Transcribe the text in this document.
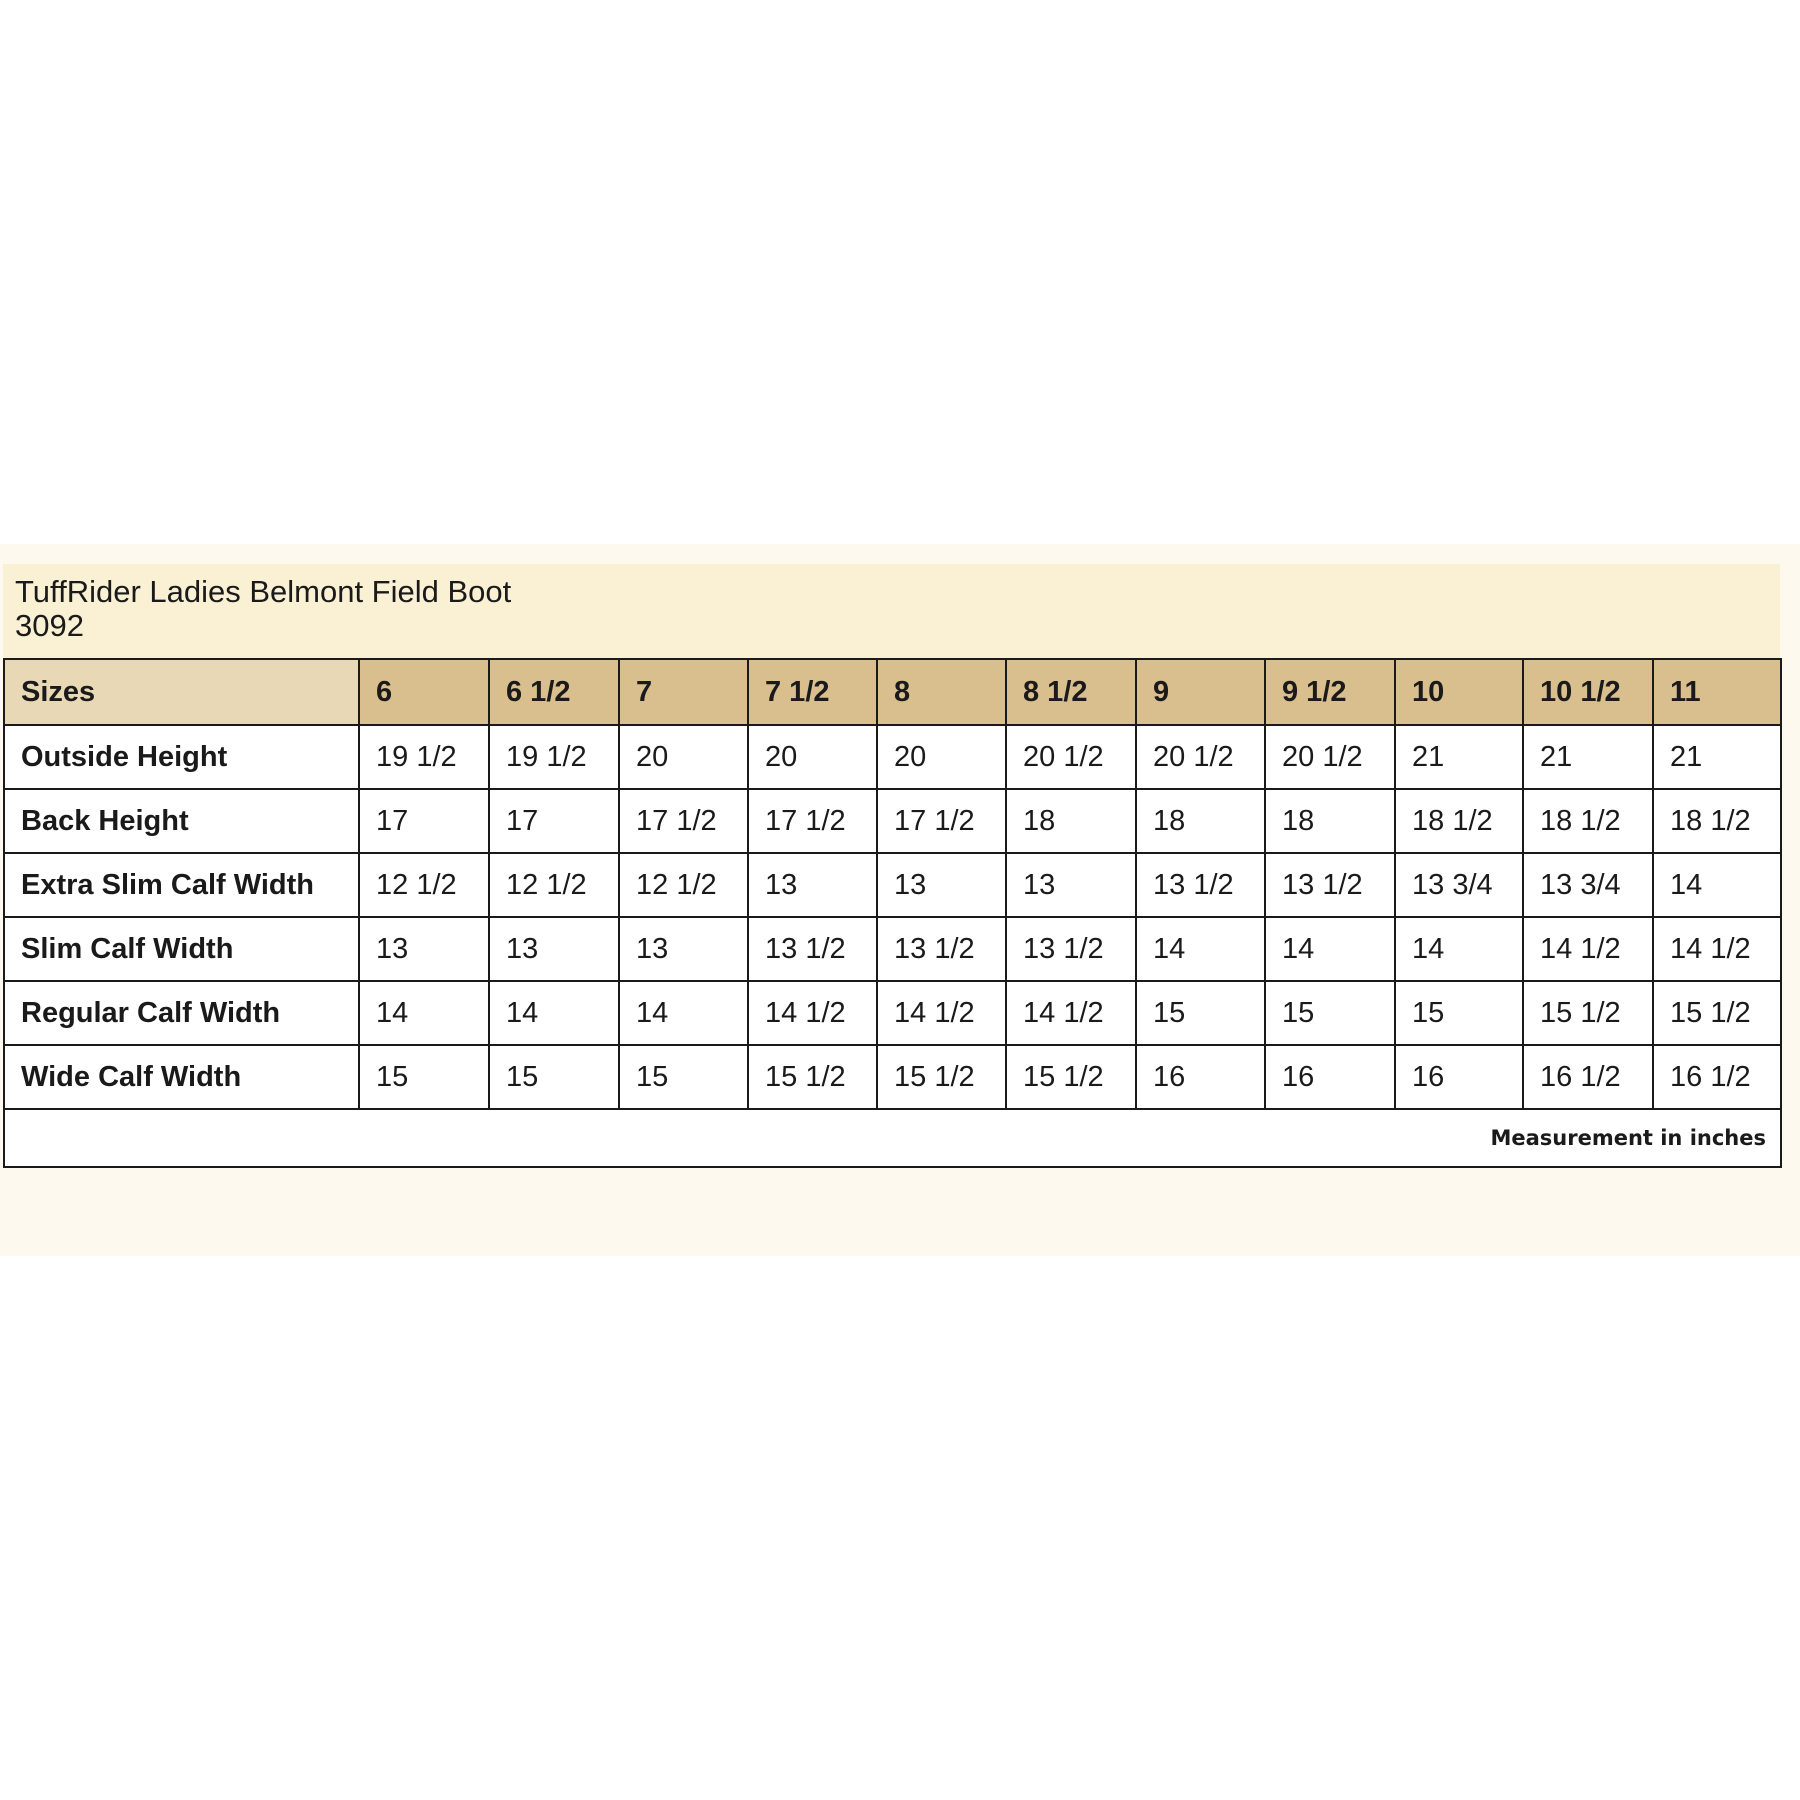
TuffRider Ladies Belmont Field Boot
3092
Sizes	6	6 1/2	7	7 1/2	8	8 1/2	9	9 1/2	10	10 1/2	11
Outside Height	19 1/2	19 1/2	20	20	20	20 1/2	20 1/2	20 1/2	21	21	21
Back Height	17	17	17 1/2	17 1/2	17 1/2	18	18	18	18 1/2	18 1/2	18 1/2
Extra Slim Calf Width	12 1/2	12 1/2	12 1/2	13	13	13	13 1/2	13 1/2	13 3/4	13 3/4	14
Slim Calf Width	13	13	13	13 1/2	13 1/2	13 1/2	14	14	14	14 1/2	14 1/2
Regular Calf Width	14	14	14	14 1/2	14 1/2	14 1/2	15	15	15	15 1/2	15 1/2
Wide Calf Width	15	15	15	15 1/2	15 1/2	15 1/2	16	16	16	16 1/2	16 1/2
Measurement in inches											
